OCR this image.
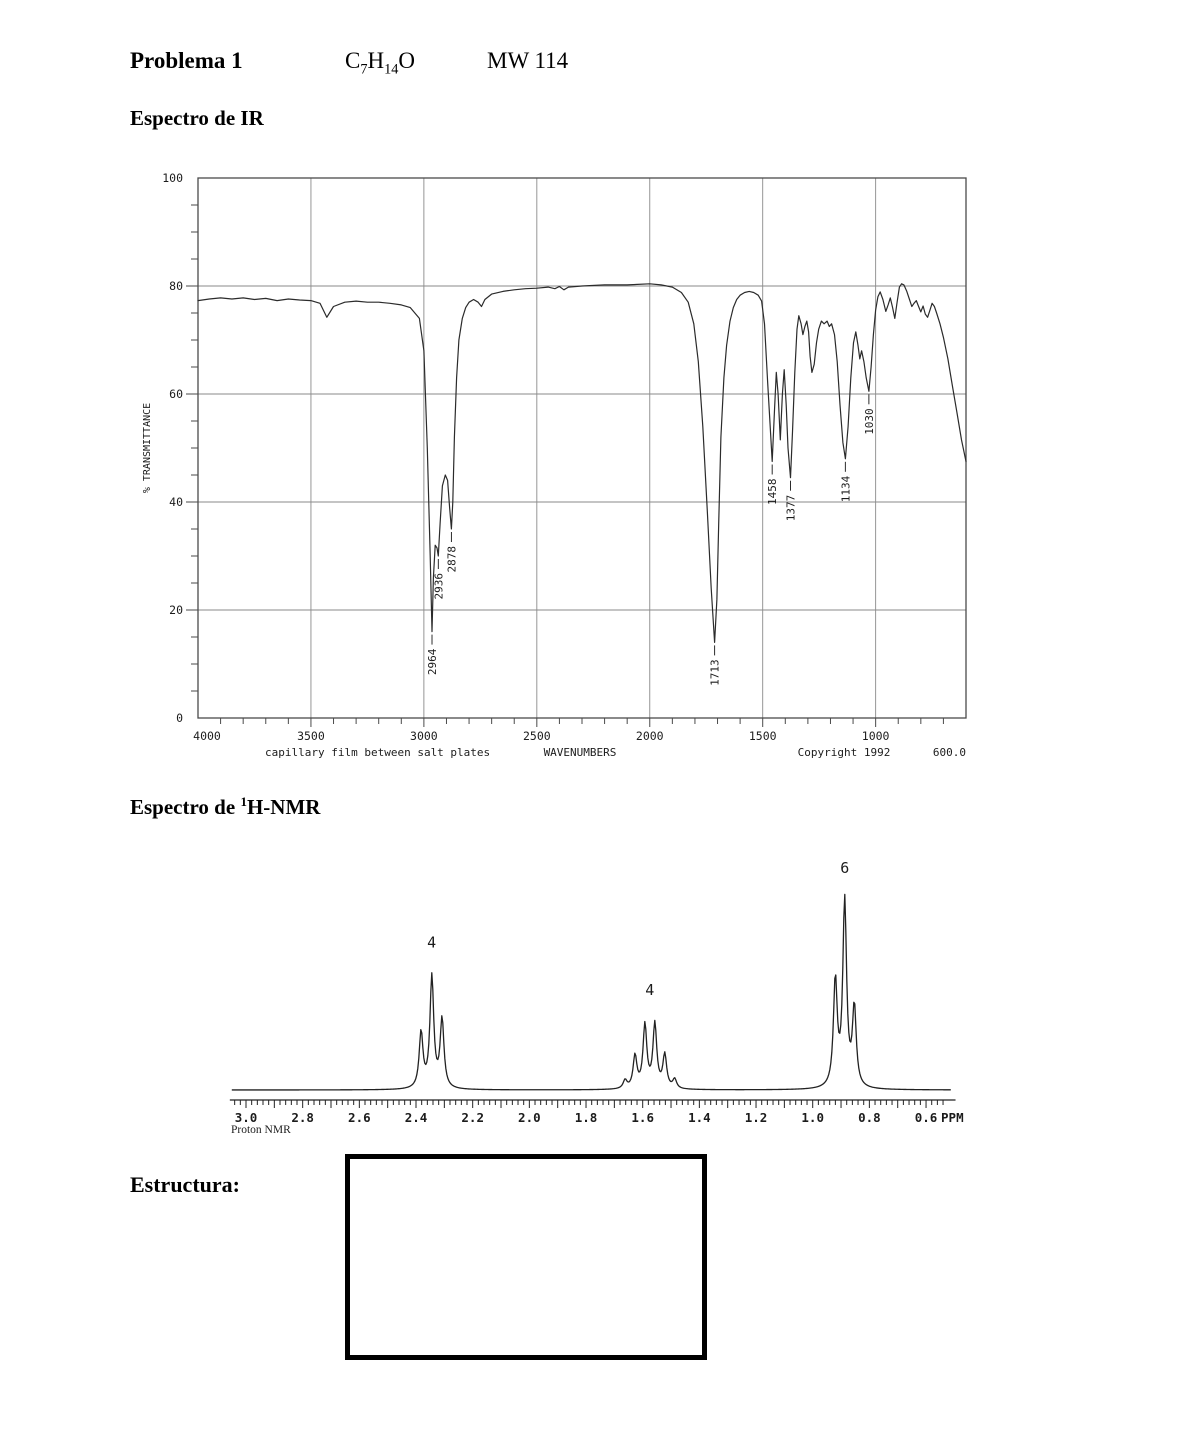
Problema 1	$C_7H_{14}O$	MW 114
Espectro de IR
100
80
60
40
20
0
% TRANSMITTANCE
4000	3500	3000	2500	2000	1500	1000
capillary film between salt plates	WAVENUMBERS	Copyright 1992	600.0
2964
2936
2878
1713
1458
1377
1134
1030
Espectro de $^1$H-NMR
3.0	2.8	2.6	2.4	2.2	2.0	1.8	1.6	1.4	1.2	1.0	0.8	0.6 PPM
4
4
6
Proton NMR
Estructura:
